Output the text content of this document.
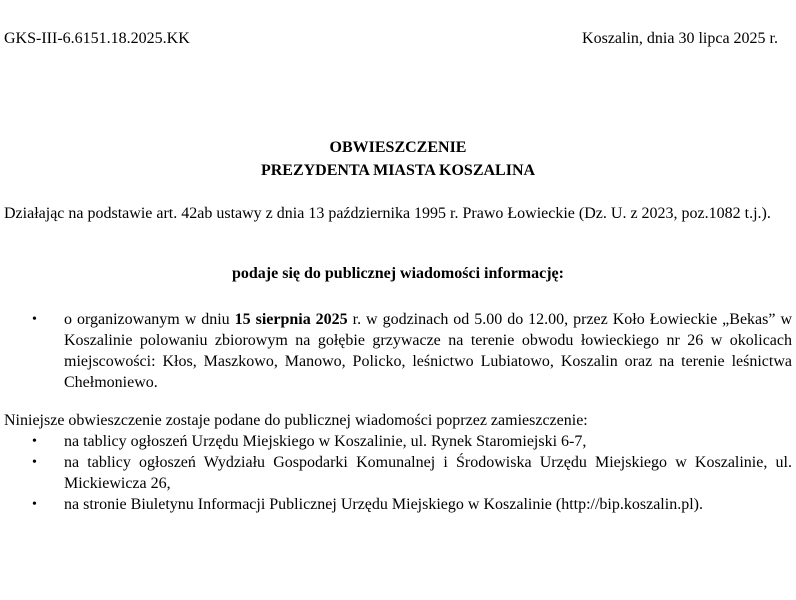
GKS-III-6.6151.18.2025.KK	Koszalin, dnia 30 lipca 2025 r.
OBWIESZCZENIE
PREZYDENTA MIASTA KOSZALINA
Działając na podstawie art. 42ab ustawy z dnia 13 października 1995 r. Prawo Łowieckie (Dz. U. z 2023, poz.1082 t.j.).
podaje się do publicznej wiadomości informację:
• o organizowanym w dniu 15 sierpnia 2025 r. w godzinach od 5.00 do 12.00, przez Koło Łowieckie „Bekas” w Koszalinie polowaniu zbiorowym na gołębie grzywacze na terenie obwodu łowieckiego nr 26 w okolicach miejscowości: Kłos, Maszkowo, Manowo, Policko, leśnictwo Lubiatowo, Koszalin oraz na terenie leśnictwa Chełmoniewo.
Niniejsze obwieszczenie zostaje podane do publicznej wiadomości poprzez zamieszczenie:
• na tablicy ogłoszeń Urzędu Miejskiego w Koszalinie, ul. Rynek Staromiejski 6-7,
• na tablicy ogłoszeń Wydziału Gospodarki Komunalnej i Środowiska Urzędu Miejskiego w Koszalinie, ul. Mickiewicza 26,
• na stronie Biuletynu Informacji Publicznej Urzędu Miejskiego w Koszalinie (http://bip.koszalin.pl).
